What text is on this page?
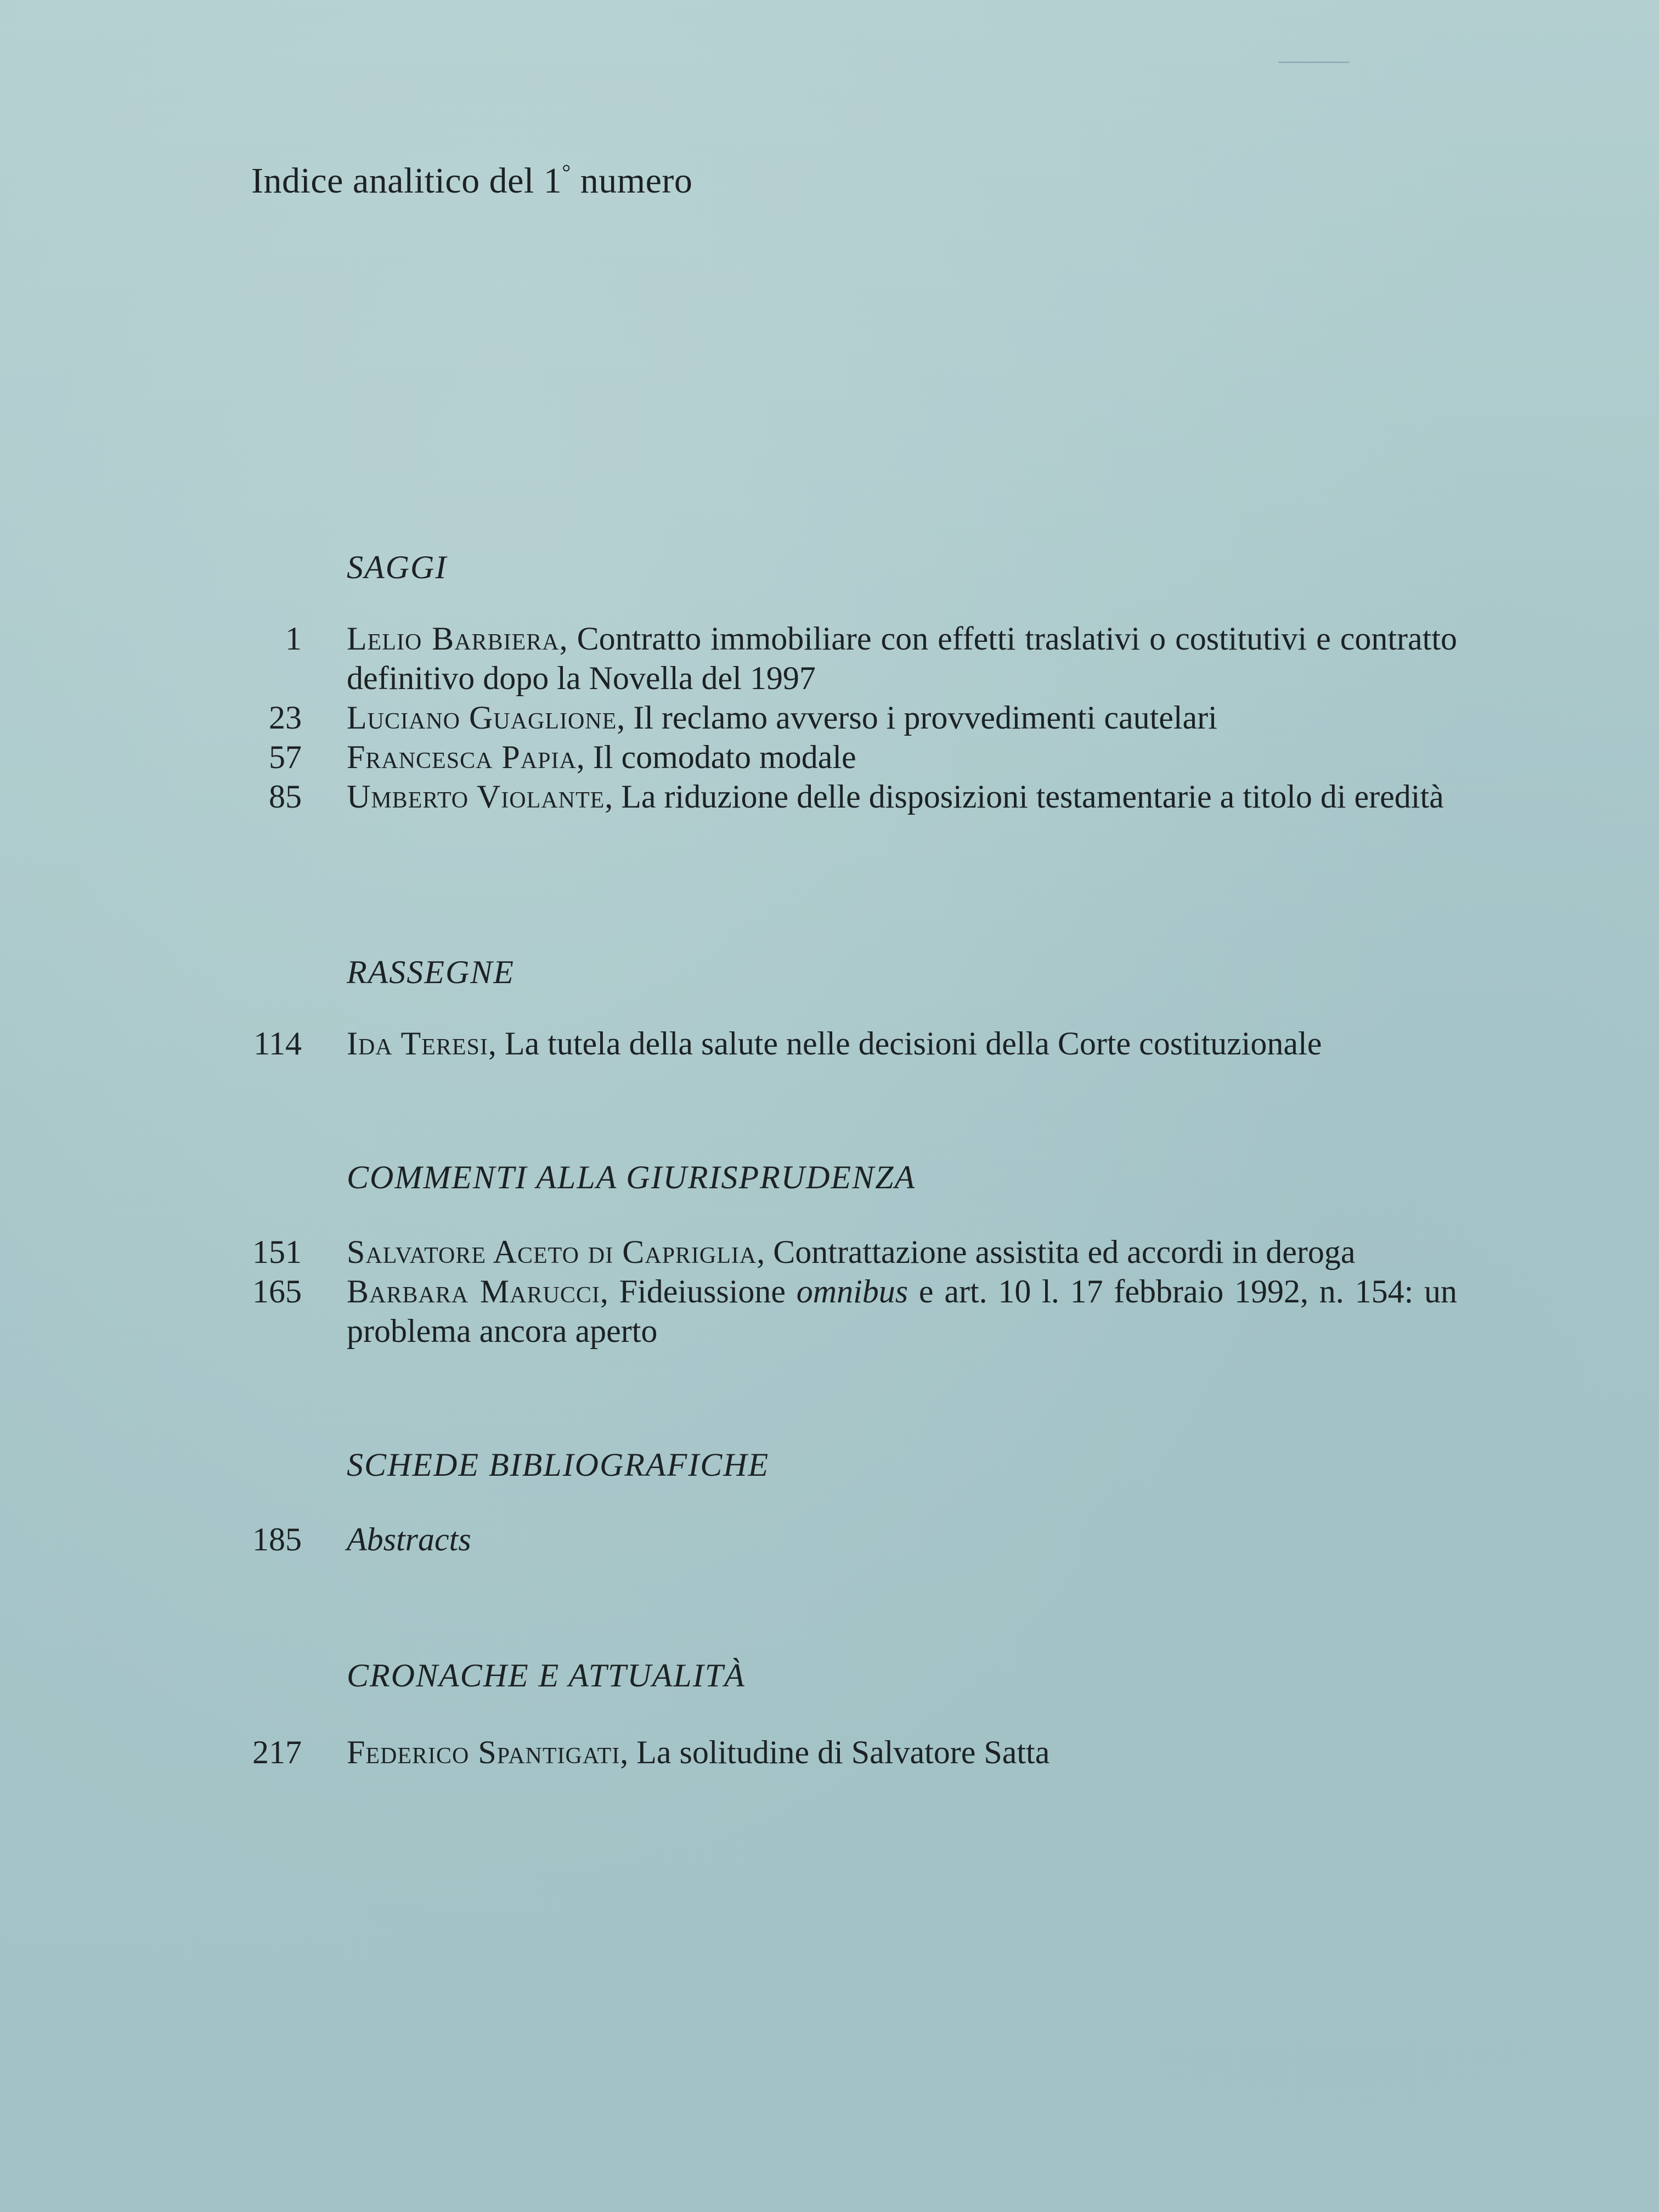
Indice analitico del 1° numero
SAGGI
1 Lelio Barbiera, Contratto immobiliare con effetti traslativi o costitutivi e contratto definitivo dopo la Novella del 1997
23 Luciano Guaglione, Il reclamo avverso i provvedimenti cautelari
57 Francesca Papia, Il comodato modale
85 Umberto Violante, La riduzione delle disposizioni testamentarie a titolo di eredità
RASSEGNE
114 Ida Teresi, La tutela della salute nelle decisioni della Corte costituzionale
COMMENTI ALLA GIURISPRUDENZA
151 Salvatore Aceto di Capriglia, Contrattazione assistita ed accordi in deroga
165 Barbara Marucci, Fideiussione omnibus e art. 10 l. 17 febbraio 1992, n. 154: un problema ancora aperto
SCHEDE BIBLIOGRAFICHE
185 Abstracts
CRONACHE E ATTUALITÀ
217 Federico Spantigati, La solitudine di Salvatore Satta
